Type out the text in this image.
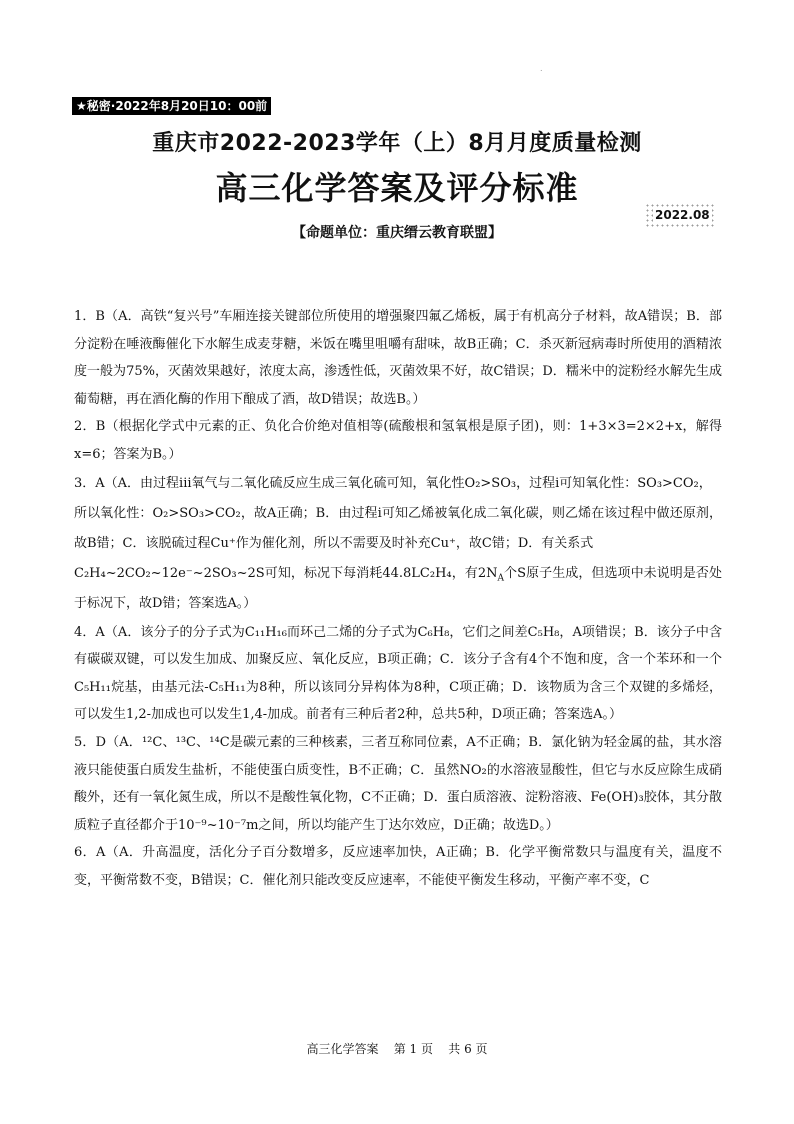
.
★秘密·2022年8月20日10：00前
重庆市2022-2023学年（上）8月月度质量检测
高三化学答案及评分标准
2022.08
【命题单位：重庆缙云教育联盟】

1．B（A．高铁“复兴号”车厢连接关键部位所使用的增强聚四氟乙烯板，属于有机高分子材料，故A错误；B．部分淀粉在唾液酶催化下水解生成麦芽糖，米饭在嘴里咀嚼有甜味，故B正确；C．杀灭新冠病毒时所使用的酒精浓度一般为75%，灭菌效果越好，浓度太高，渗透性低，灭菌效果不好，故C错误；D．糯米中的淀粉经水解先生成葡萄糖，再在酒化酶的作用下酿成了酒，故D错误；故选B。）

2．B（根据化学式中元素的正、负化合价绝对值相等(硫酸根和氢氧根是原子团)，则：1+3×3=2×2+x，解得x=6；答案为B。）

3．A（A．由过程iii氧气与二氧化硫反应生成三氧化硫可知，氧化性O₂>SO₃，过程i可知氧化性：SO₃>CO₂，
所以氧化性：O₂>SO₃>CO₂，故A正确；B．由过程i可知乙烯被氧化成二氧化碳，则乙烯在该过程中做还原剂，故B错；C．该脱硫过程Cu⁺作为催化剂，所以不需要及时补充Cu⁺，故C错；D．有关系式
C₂H₄~2CO₂~12e⁻~2SO₃~2S可知，标况下每消耗44.8LC₂H₄，有$2N_A$个S原子生成，但选项中未说明是否处于标况下，故D错；答案选A。）

4．A（A．该分子的分子式为C₁₁H₁₆而环己二烯的分子式为C₆H₈，它们之间差C₅H₈，A项错误；B．该分子中含有碳碳双键，可以发生加成、加聚反应、氧化反应，B项正确；C．该分子含有4个不饱和度，含一个苯环和一个C₅H₁₁烷基，由基元法-C₅H₁₁为8种，所以该同分异构体为8种，C项正确；D．该物质为含三个双键的多烯烃，可以发生1,2-加成也可以发生1,4-加成。前者有三种后者2种，总共5种，D项正确；答案选A。）

5．D（A．¹²C、¹³C、¹⁴C是碳元素的三种核素，三者互称同位素，A不正确；B．氯化钠为轻金属的盐，其水溶液只能使蛋白质发生盐析，不能使蛋白质变性，B不正确；C．虽然NO₂的水溶液显酸性，但它与水反应除生成硝酸外，还有一氧化氮生成，所以不是酸性氧化物，C不正确；D．蛋白质溶液、淀粉溶液、Fe(OH)₃胶体，其分散质粒子直径都介于10⁻⁹~10⁻⁷m之间，所以均能产生丁达尔效应，D正确；故选D。）

6．A（A．升高温度，活化分子百分数增多，反应速率加快，A正确；B．化学平衡常数只与温度有关，温度不变，平衡常数不变，B错误；C．催化剂只能改变反应速率，不能使平衡发生移动，平衡产率不变，C

高三化学答案    第 1 页    共 6 页
